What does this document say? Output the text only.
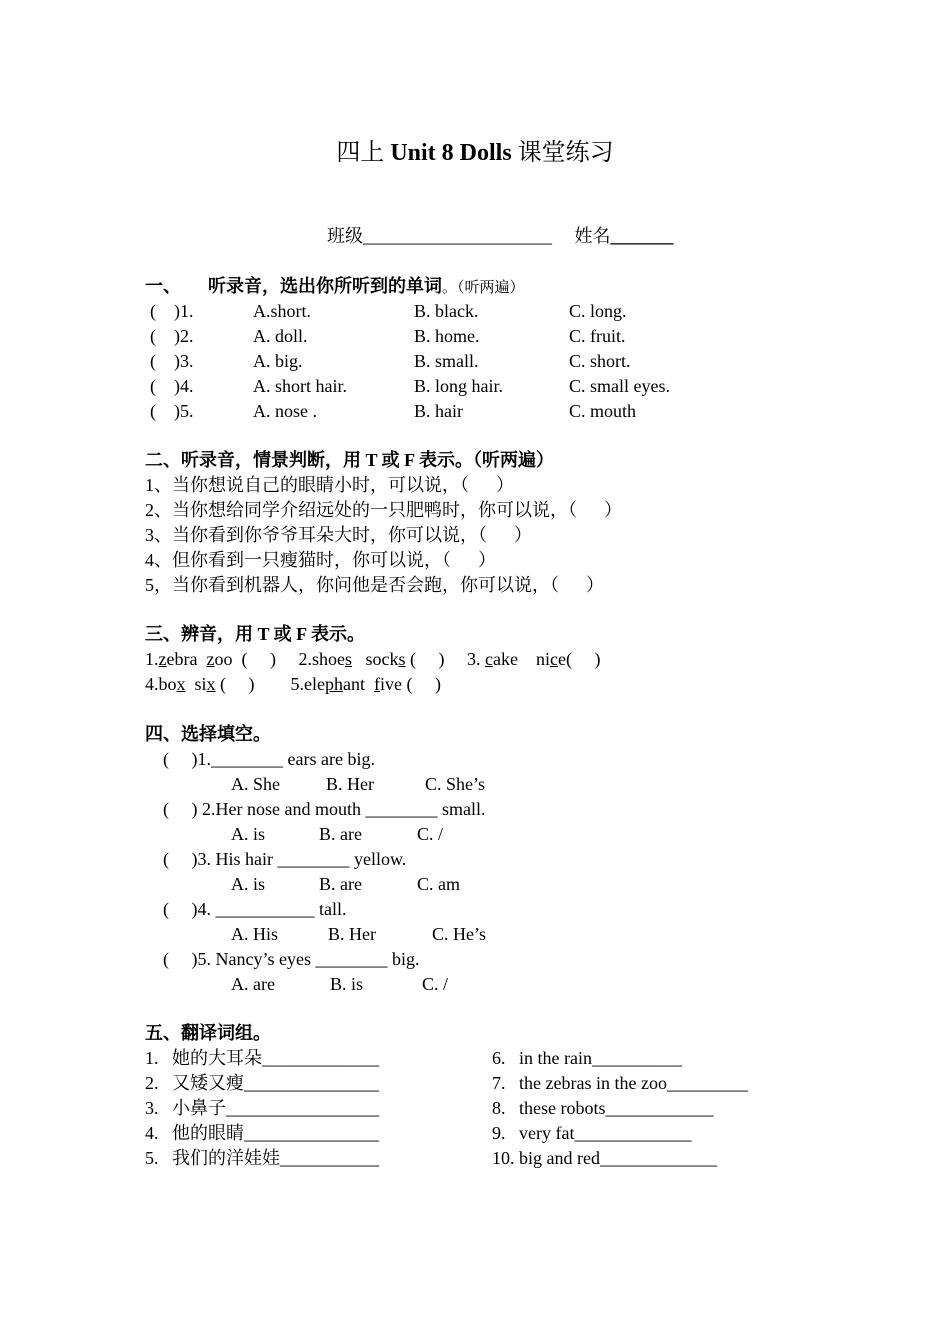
四上 Unit 8 Dolls 课堂练习
班级_____________________ 姓名_______
一、      听录音，选出你所听到的单词。（听两遍）
(    )1.	A.short.	B. black.	C. long.
(    )2.	A. doll.	B. home.	C. fruit.
(    )3.	A. big.	B. small.	C. short.
(    )4.	A. short hair.	B. long hair.	C. small eyes.
(    )5.	A. nose .	B. hair	C. mouth
二、听录音，情景判断，用 T 或 F 表示。（听两遍）
1、当你想说自己的眼睛小时，可以说，（      ）
2、当你想给同学介绍远处的一只肥鸭时，你可以说，（      ）
3、当你看到你爷爷耳朵大时，你可以说，（      ）
4、但你看到一只瘦猫时，你可以说，（      ）
5，当你看到机器人，你问他是否会跑，你可以说，（      ）
三、辨音，用 T 或 F 表示。
1.zebra  zoo  (     )     2.shoes   socks (     )     3. cake    nice(     )
4.box  six (     )        5.elephant  five (     )
四、选择填空。
(     )1.________ ears are big.
A. She	B. Her	C. She’s
(     ) 2.Her nose and mouth ________ small.
A. is	B. are	C. /
(     )3. His hair ________ yellow.
A. is	B. are	C. am
(     )4. ___________ tall.
A. His	B. Her	C. He’s
(     )5. Nancy’s eyes ________ big.
A. are	B. is	C. /
五、翻译词组。
1.   她的大耳朵_____________
2.   又矮又瘦_______________
3.   小鼻子_________________
4.   他的眼睛_______________
5.   我们的洋娃娃___________
6.   in the rain__________
7.   the zebras in the zoo_________
8.   these robots____________
9.   very fat_____________
10. big and red_____________
